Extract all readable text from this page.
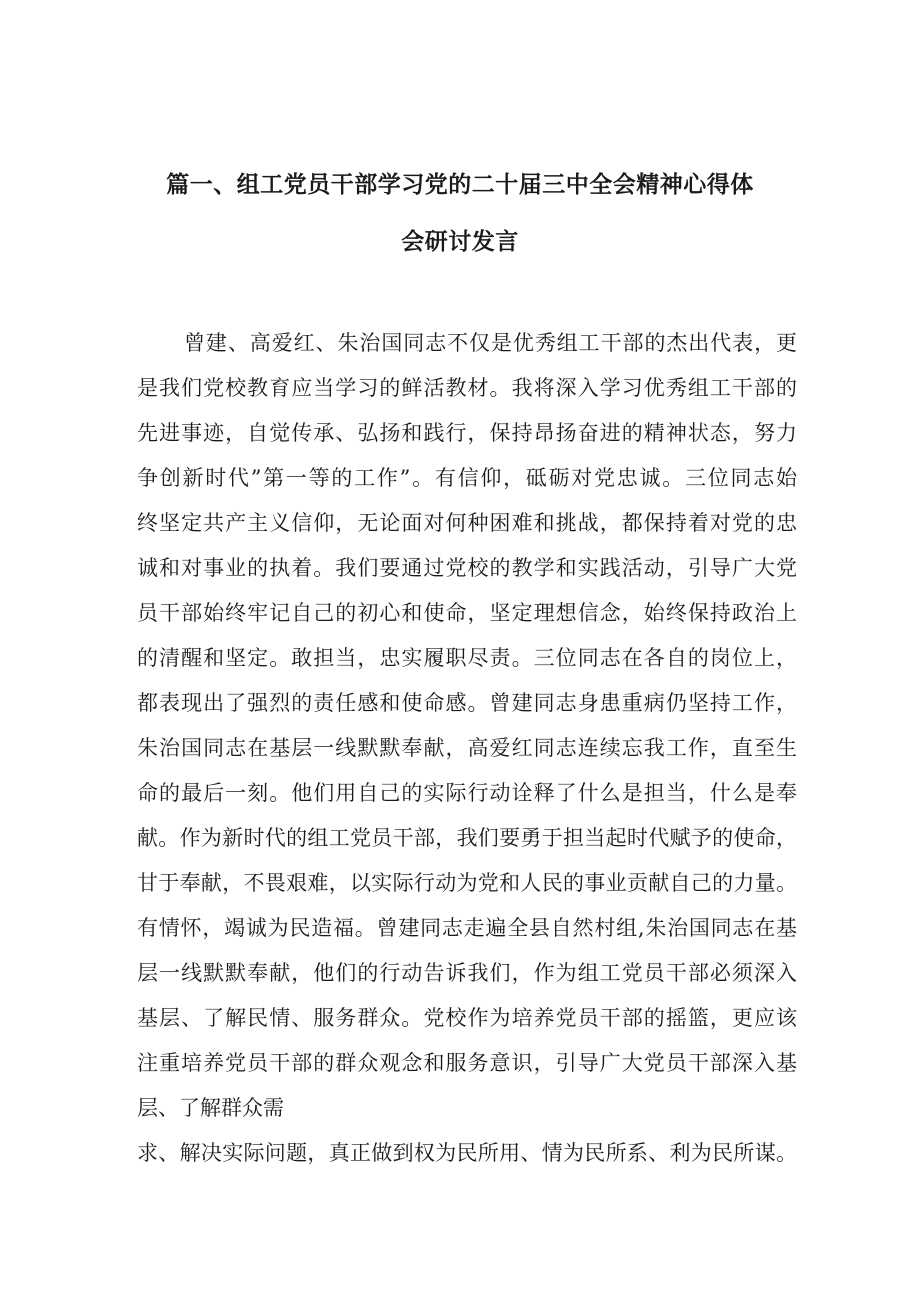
篇一、组工党员干部学习党的二十届三中全会精神心得体
会研讨发言
曾建、高爱红、朱治国同志不仅是优秀组工干部的杰出代表，更
是我们党校教育应当学习的鲜活教材。我将深入学习优秀组工干部的
先进事迹，自觉传承、弘扬和践行，保持昂扬奋进的精神状态，努力
争创新时代”第一等的工作”。有信仰，砥砺对党忠诚。三位同志始
终坚定共产主义信仰，无论面对何种困难和挑战，都保持着对党的忠
诚和对事业的执着。我们要通过党校的教学和实践活动，引导广大党
员干部始终牢记自己的初心和使命，坚定理想信念，始终保持政治上
的清醒和坚定。敢担当，忠实履职尽责。三位同志在各自的岗位上，
都表现出了强烈的责任感和使命感。曾建同志身患重病仍坚持工作，
朱治国同志在基层一线默默奉献，高爱红同志连续忘我工作，直至生
命的最后一刻。他们用自己的实际行动诠释了什么是担当，什么是奉
献。作为新时代的组工党员干部，我们要勇于担当起时代赋予的使命，
甘于奉献，不畏艰难，以实际行动为党和人民的事业贡献自己的力量。
有情怀，竭诚为民造福。曾建同志走遍全县自然村组,朱治国同志在基
层一线默默奉献，他们的行动告诉我们，作为组工党员干部必须深入
基层、了解民情、服务群众。党校作为培养党员干部的摇篮，更应该
注重培养党员干部的群众观念和服务意识，引导广大党员干部深入基
层、了解群众需
求、解决实际问题，真正做到权为民所用、情为民所系、利为民所谋。
